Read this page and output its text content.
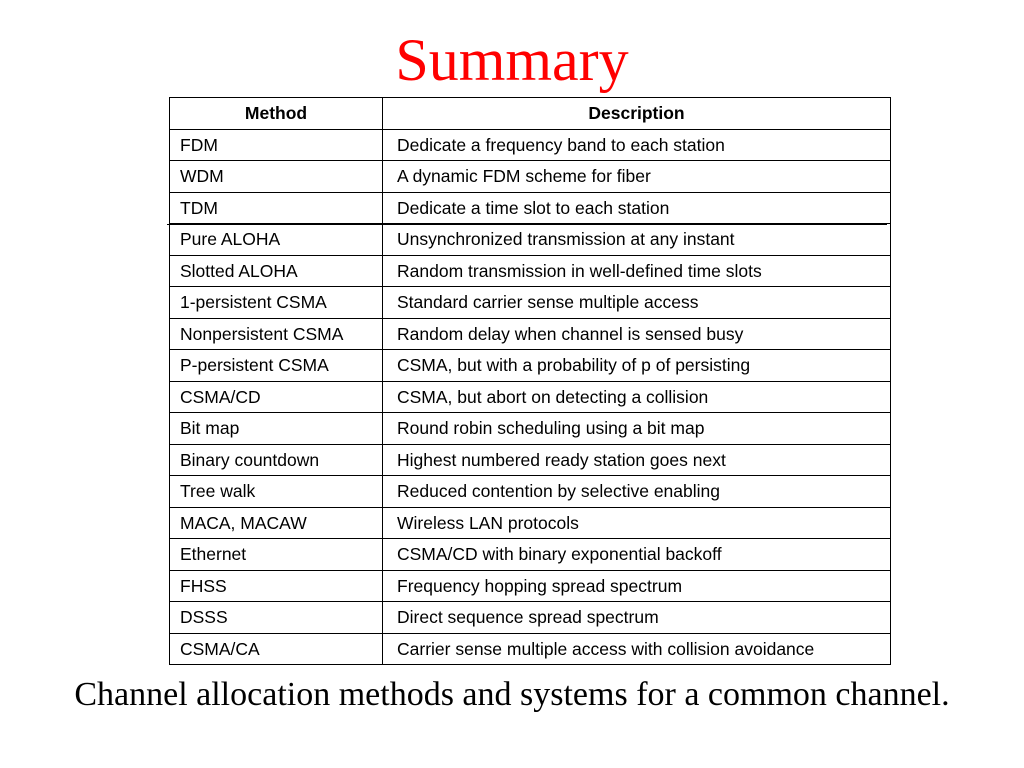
Summary
Method	Description
FDM	Dedicate a frequency band to each station
WDM	A dynamic FDM scheme for fiber
TDM	Dedicate a time slot to each station
Pure ALOHA	Unsynchronized transmission at any instant
Slotted ALOHA	Random transmission in well-defined time slots
1-persistent CSMA	Standard carrier sense multiple access
Nonpersistent CSMA	Random delay when channel is sensed busy
P-persistent CSMA	CSMA, but with a probability of p of persisting
CSMA/CD	CSMA, but abort on detecting a collision
Bit map	Round robin scheduling using a bit map
Binary countdown	Highest numbered ready station goes next
Tree walk	Reduced contention by selective enabling
MACA, MACAW	Wireless LAN protocols
Ethernet	CSMA/CD with binary exponential backoff
FHSS	Frequency hopping spread spectrum
DSSS	Direct sequence spread spectrum
CSMA/CA	Carrier sense multiple access with collision avoidance
Channel allocation methods and systems for a common channel.
